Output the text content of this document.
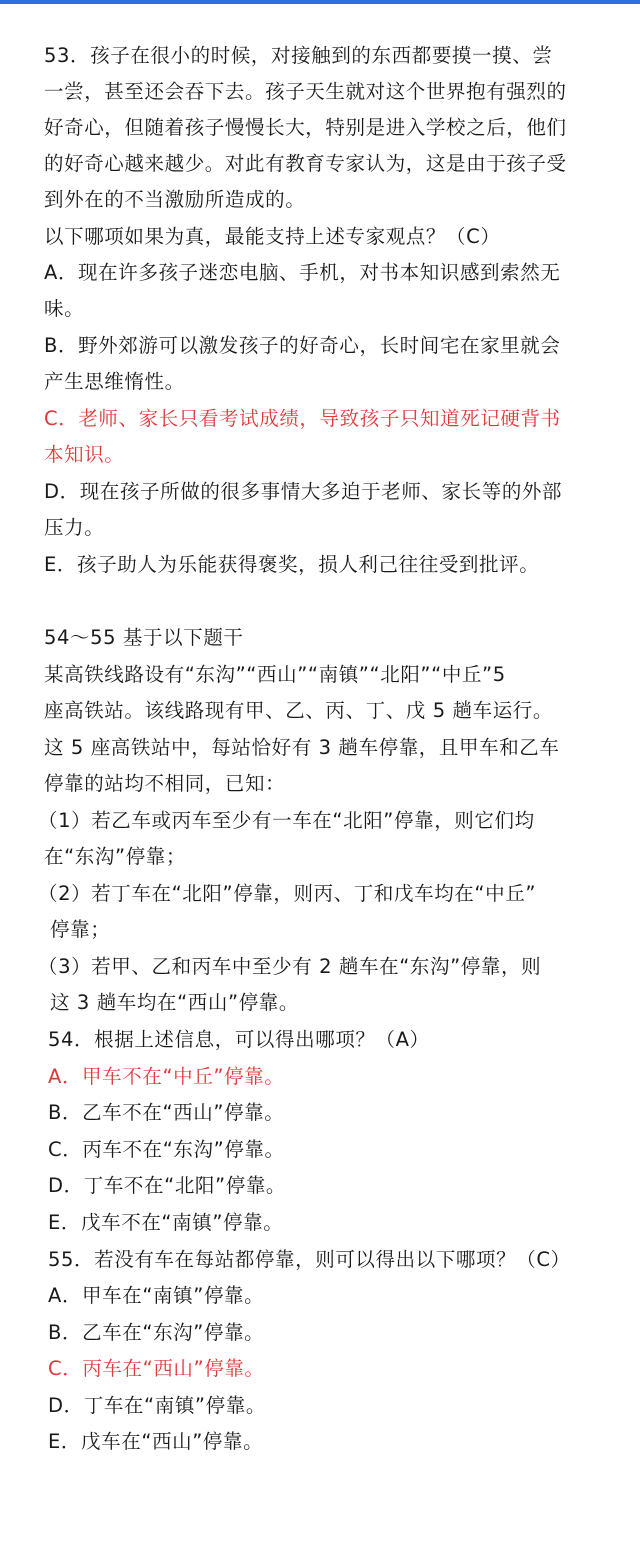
53．孩子在很小的时候，对接触到的东西都要摸一摸、尝
一尝，甚至还会吞下去。孩子天生就对这个世界抱有强烈的
好奇心，但随着孩子慢慢长大，特别是进入学校之后，他们
的好奇心越来越少。对此有教育专家认为，这是由于孩子受
到外在的不当激励所造成的。
以下哪项如果为真，最能支持上述专家观点？（C）
A．现在许多孩子迷恋电脑、手机，对书本知识感到索然无
味。
B．野外郊游可以激发孩子的好奇心，长时间宅在家里就会
产生思维惰性。
C．老师、家长只看考试成绩，导致孩子只知道死记硬背书
本知识。
D．现在孩子所做的很多事情大多迫于老师、家长等的外部
压力。
E．孩子助人为乐能获得褒奖，损人利己往往受到批评。
54～55 基于以下题干
某高铁线路设有“东沟”“西山”“南镇”“北阳”“中丘”5
座高铁站。该线路现有甲、乙、丙、丁、戊 5 趟车运行。
这 5 座高铁站中，每站恰好有 3 趟车停靠，且甲车和乙车
停靠的站均不相同，已知：
（1）若乙车或丙车至少有一车在“北阳”停靠，则它们均
在“东沟”停靠；
（2）若丁车在“北阳”停靠，则丙、丁和戊车均在“中丘”
停靠；
（3）若甲、乙和丙车中至少有 2 趟车在“东沟”停靠，则
这 3 趟车均在“西山”停靠。
54．根据上述信息，可以得出哪项？（A）
A．甲车不在“中丘”停靠。
B．乙车不在“西山”停靠。
C．丙车不在“东沟”停靠。
D．丁车不在“北阳”停靠。
E．戊车不在“南镇”停靠。
55．若没有车在每站都停靠，则可以得出以下哪项？（C）
A．甲车在“南镇”停靠。
B．乙车在“东沟”停靠。
C．丙车在“西山”停靠。
D．丁车在“南镇”停靠。
E．戊车在“西山”停靠。
